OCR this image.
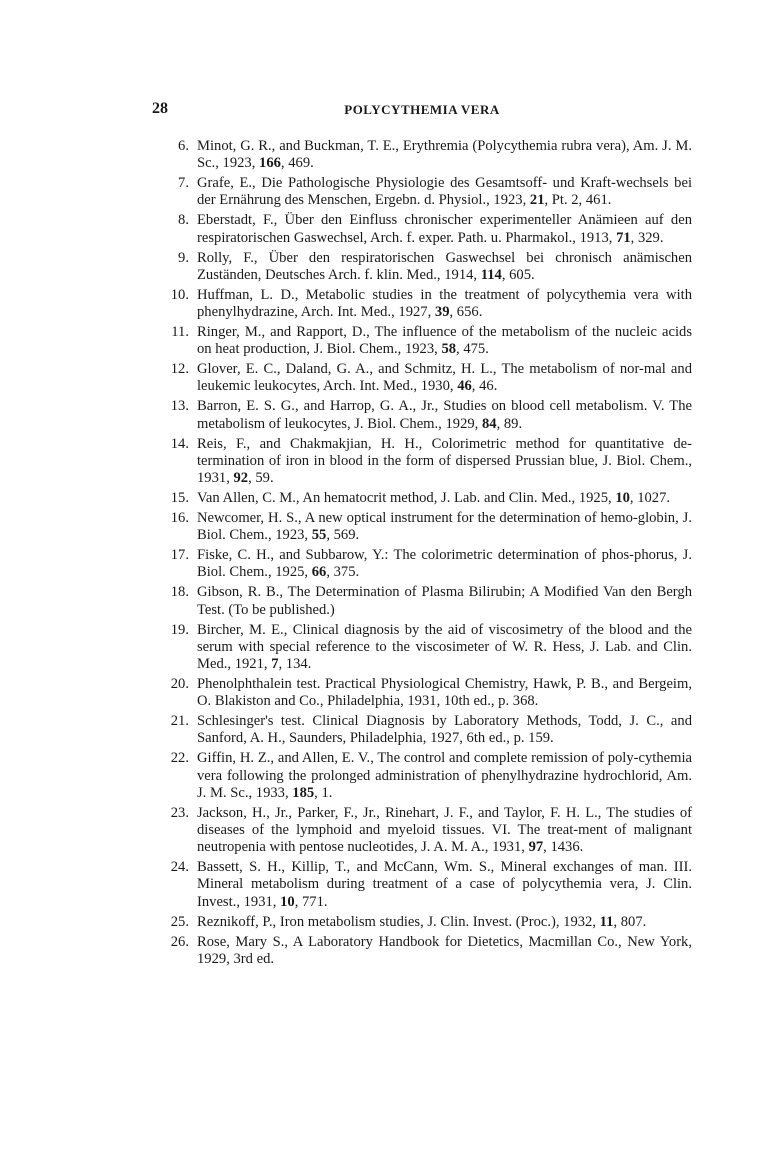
28	POLYCYTHEMIA VERA
6. Minot, G. R., and Buckman, T. E., Erythremia (Polycythemia rubra vera), Am. J. M. Sc., 1923, 166, 469.
7. Grafe, E., Die Pathologische Physiologie des Gesamtsoff- und Kraft-wechsels bei der Ernährung des Menschen, Ergebn. d. Physiol., 1923, 21, Pt. 2, 461.
8. Eberstadt, F., Über den Einfluss chronischer experimenteller Anämieen auf den respiratorischen Gaswechsel, Arch. f. exper. Path. u. Pharmakol., 1913, 71, 329.
9. Rolly, F., Über den respiratorischen Gaswechsel bei chronisch anämischen Zuständen, Deutsches Arch. f. klin. Med., 1914, 114, 605.
10. Huffman, L. D., Metabolic studies in the treatment of polycythemia vera with phenylhydrazine, Arch. Int. Med., 1927, 39, 656.
11. Ringer, M., and Rapport, D., The influence of the metabolism of the nucleic acids on heat production, J. Biol. Chem., 1923, 58, 475.
12. Glover, E. C., Daland, G. A., and Schmitz, H. L., The metabolism of nor-mal and leukemic leukocytes, Arch. Int. Med., 1930, 46, 46.
13. Barron, E. S. G., and Harrop, G. A., Jr., Studies on blood cell metabolism. V. The metabolism of leukocytes, J. Biol. Chem., 1929, 84, 89.
14. Reis, F., and Chakmakjian, H. H., Colorimetric method for quantitative de-termination of iron in blood in the form of dispersed Prussian blue, J. Biol. Chem., 1931, 92, 59.
15. Van Allen, C. M., An hematocrit method, J. Lab. and Clin. Med., 1925, 10, 1027.
16. Newcomer, H. S., A new optical instrument for the determination of hemo-globin, J. Biol. Chem., 1923, 55, 569.
17. Fiske, C. H., and Subbarow, Y.: The colorimetric determination of phos-phorus, J. Biol. Chem., 1925, 66, 375.
18. Gibson, R. B., The Determination of Plasma Bilirubin; A Modified Van den Bergh Test. (To be published.)
19. Bircher, M. E., Clinical diagnosis by the aid of viscosimetry of the blood and the serum with special reference to the viscosimeter of W. R. Hess, J. Lab. and Clin. Med., 1921, 7, 134.
20. Phenolphthalein test. Practical Physiological Chemistry, Hawk, P. B., and Bergeim, O. Blakiston and Co., Philadelphia, 1931, 10th ed., p. 368.
21. Schlesinger's test. Clinical Diagnosis by Laboratory Methods, Todd, J. C., and Sanford, A. H., Saunders, Philadelphia, 1927, 6th ed., p. 159.
22. Giffin, H. Z., and Allen, E. V., The control and complete remission of poly-cythemia vera following the prolonged administration of phenylhydrazine hydrochlorid, Am. J. M. Sc., 1933, 185, 1.
23. Jackson, H., Jr., Parker, F., Jr., Rinehart, J. F., and Taylor, F. H. L., The studies of diseases of the lymphoid and myeloid tissues. VI. The treat-ment of malignant neutropenia with pentose nucleotides, J. A. M. A., 1931, 97, 1436.
24. Bassett, S. H., Killip, T., and McCann, Wm. S., Mineral exchanges of man. III. Mineral metabolism during treatment of a case of polycythemia vera, J. Clin. Invest., 1931, 10, 771.
25. Reznikoff, P., Iron metabolism studies, J. Clin. Invest. (Proc.), 1932, 11, 807.
26. Rose, Mary S., A Laboratory Handbook for Dietetics, Macmillan Co., New York, 1929, 3rd ed.
